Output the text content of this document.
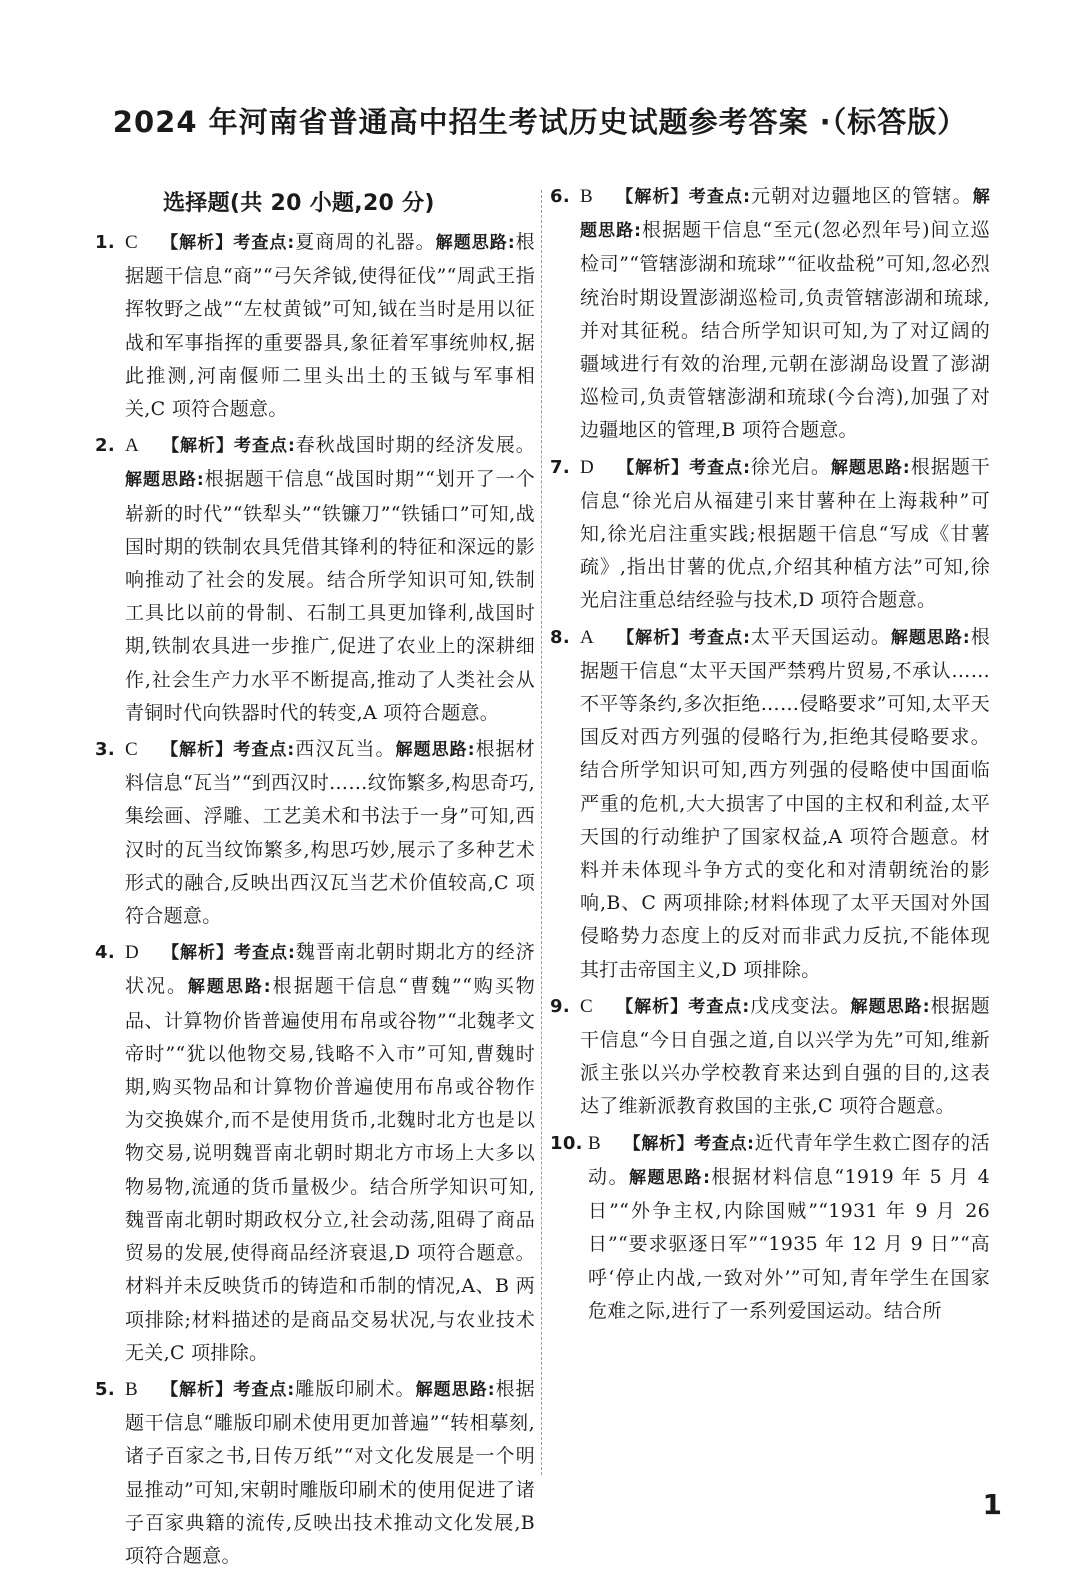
2024 年河南省普通高中招生考试历史试题参考答案 ·（标答版）
选择题(共 20 小题,20 分)
1. C 【解析】考查点:夏商周的礼器。解题思路:根据题干信息“商”“弓矢斧钺,使得征伐”“周武王指挥牧野之战”“左杖黄钺”可知,钺在当时是用以征战和军事指挥的重要器具,象征着军事统帅权,据此推测,河南偃师二里头出土的玉钺与军事相关,C 项符合题意。
2. A 【解析】考查点:春秋战国时期的经济发展。解题思路:根据题干信息“战国时期”“划开了一个崭新的时代”“铁犁头”“铁镰刀”“铁锸口”可知,战国时期的铁制农具凭借其锋利的特征和深远的影响推动了社会的发展。结合所学知识可知,铁制工具比以前的骨制、石制工具更加锋利,战国时期,铁制农具进一步推广,促进了农业上的深耕细作,社会生产力水平不断提高,推动了人类社会从青铜时代向铁器时代的转变,A 项符合题意。
3. C 【解析】考查点:西汉瓦当。解题思路:根据材料信息“瓦当”“到西汉时……纹饰繁多,构思奇巧,集绘画、浮雕、工艺美术和书法于一身”可知,西汉时的瓦当纹饰繁多,构思巧妙,展示了多种艺术形式的融合,反映出西汉瓦当艺术价值较高,C 项符合题意。
4. D 【解析】考查点:魏晋南北朝时期北方的经济状况。解题思路:根据题干信息“曹魏”“购买物品、计算物价皆普遍使用布帛或谷物”“北魏孝文帝时”“犹以他物交易,钱略不入市”可知,曹魏时期,购买物品和计算物价普遍使用布帛或谷物作为交换媒介,而不是使用货币,北魏时北方也是以物交易,说明魏晋南北朝时期北方市场上大多以物易物,流通的货币量极少。结合所学知识可知,魏晋南北朝时期政权分立,社会动荡,阻碍了商品贸易的发展,使得商品经济衰退,D 项符合题意。材料并未反映货币的铸造和币制的情况,A、B 两项排除;材料描述的是商品交易状况,与农业技术无关,C 项排除。
5. B 【解析】考查点:雕版印刷术。解题思路:根据题干信息“雕版印刷术使用更加普遍”“转相摹刻,诸子百家之书,日传万纸”“对文化发展是一个明显推动”可知,宋朝时雕版印刷术的使用促进了诸子百家典籍的流传,反映出技术推动文化发展,B 项符合题意。
6. B 【解析】考查点:元朝对边疆地区的管辖。解题思路:根据题干信息“至元(忽必烈年号)间立巡检司”“管辖澎湖和琉球”“征收盐税”可知,忽必烈统治时期设置澎湖巡检司,负责管辖澎湖和琉球,并对其征税。结合所学知识可知,为了对辽阔的疆域进行有效的治理,元朝在澎湖岛设置了澎湖巡检司,负责管辖澎湖和琉球(今台湾),加强了对边疆地区的管理,B 项符合题意。
7. D 【解析】考查点:徐光启。解题思路:根据题干信息“徐光启从福建引来甘薯种在上海栽种”可知,徐光启注重实践;根据题干信息“写成《甘薯疏》,指出甘薯的优点,介绍其种植方法”可知,徐光启注重总结经验与技术,D 项符合题意。
8. A 【解析】考查点:太平天国运动。解题思路:根据题干信息“太平天国严禁鸦片贸易,不承认……不平等条约,多次拒绝……侵略要求”可知,太平天国反对西方列强的侵略行为,拒绝其侵略要求。结合所学知识可知,西方列强的侵略使中国面临严重的危机,大大损害了中国的主权和利益,太平天国的行动维护了国家权益,A 项符合题意。材料并未体现斗争方式的变化和对清朝统治的影响,B、C 两项排除;材料体现了太平天国对外国侵略势力态度上的反对而非武力反抗,不能体现其打击帝国主义,D 项排除。
9. C 【解析】考查点:戊戌变法。解题思路:根据题干信息“今日自强之道,自以兴学为先”可知,维新派主张以兴办学校教育来达到自强的目的,这表达了维新派教育救国的主张,C 项符合题意。
10. B 【解析】考查点:近代青年学生救亡图存的活动。解题思路:根据材料信息“1919 年 5 月 4 日”“外争主权,内除国贼”“1931 年 9 月 26 日”“要求驱逐日军”“1935 年 12 月 9 日”“高呼‘停止内战,一致对外’”可知,青年学生在国家危难之际,进行了一系列爱国运动。结合所
1
